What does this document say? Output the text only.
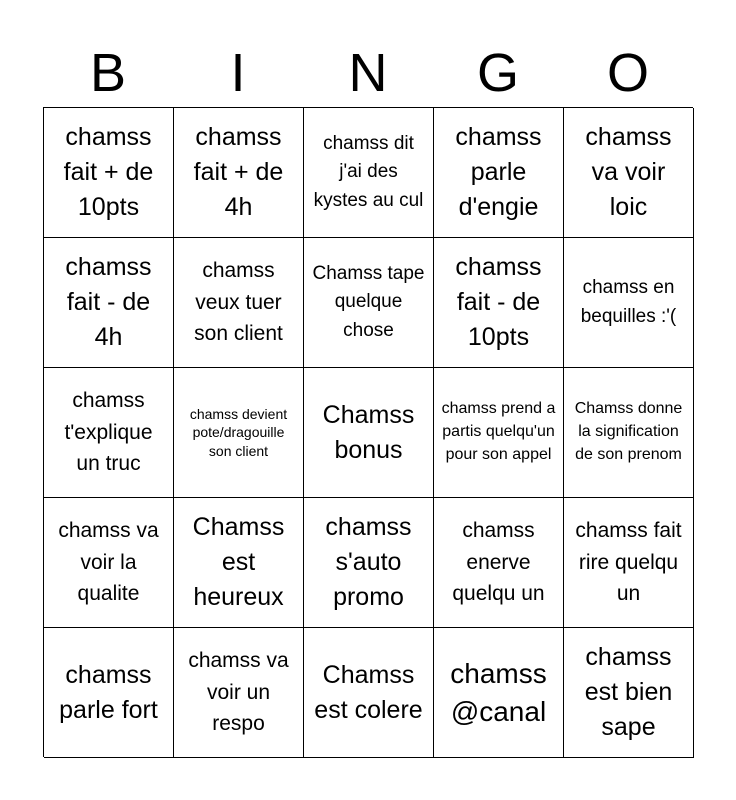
B	I	N	G	O
chamss fait + de 10pts
chamss fait + de 4h
chamss dit j'ai des kystes au cul
chamss parle d'engie
chamss va voir loic
chamss fait - de 4h
chamss veux tuer son client
Chamss tape quelque chose
chamss fait - de 10pts
chamss en bequilles :'(
chamss t'explique un truc
chamss devient pote/dragouille son client
Chamss bonus
chamss prend a partis quelqu'un pour son appel
Chamss donne la signification de son prenom
chamss va voir la qualite
Chamss est heureux
chamss s'auto promo
chamss enerve quelqu un
chamss fait rire quelqu un
chamss parle fort
chamss va voir un respo
Chamss est colere
chamss @canal
chamss est bien sape
